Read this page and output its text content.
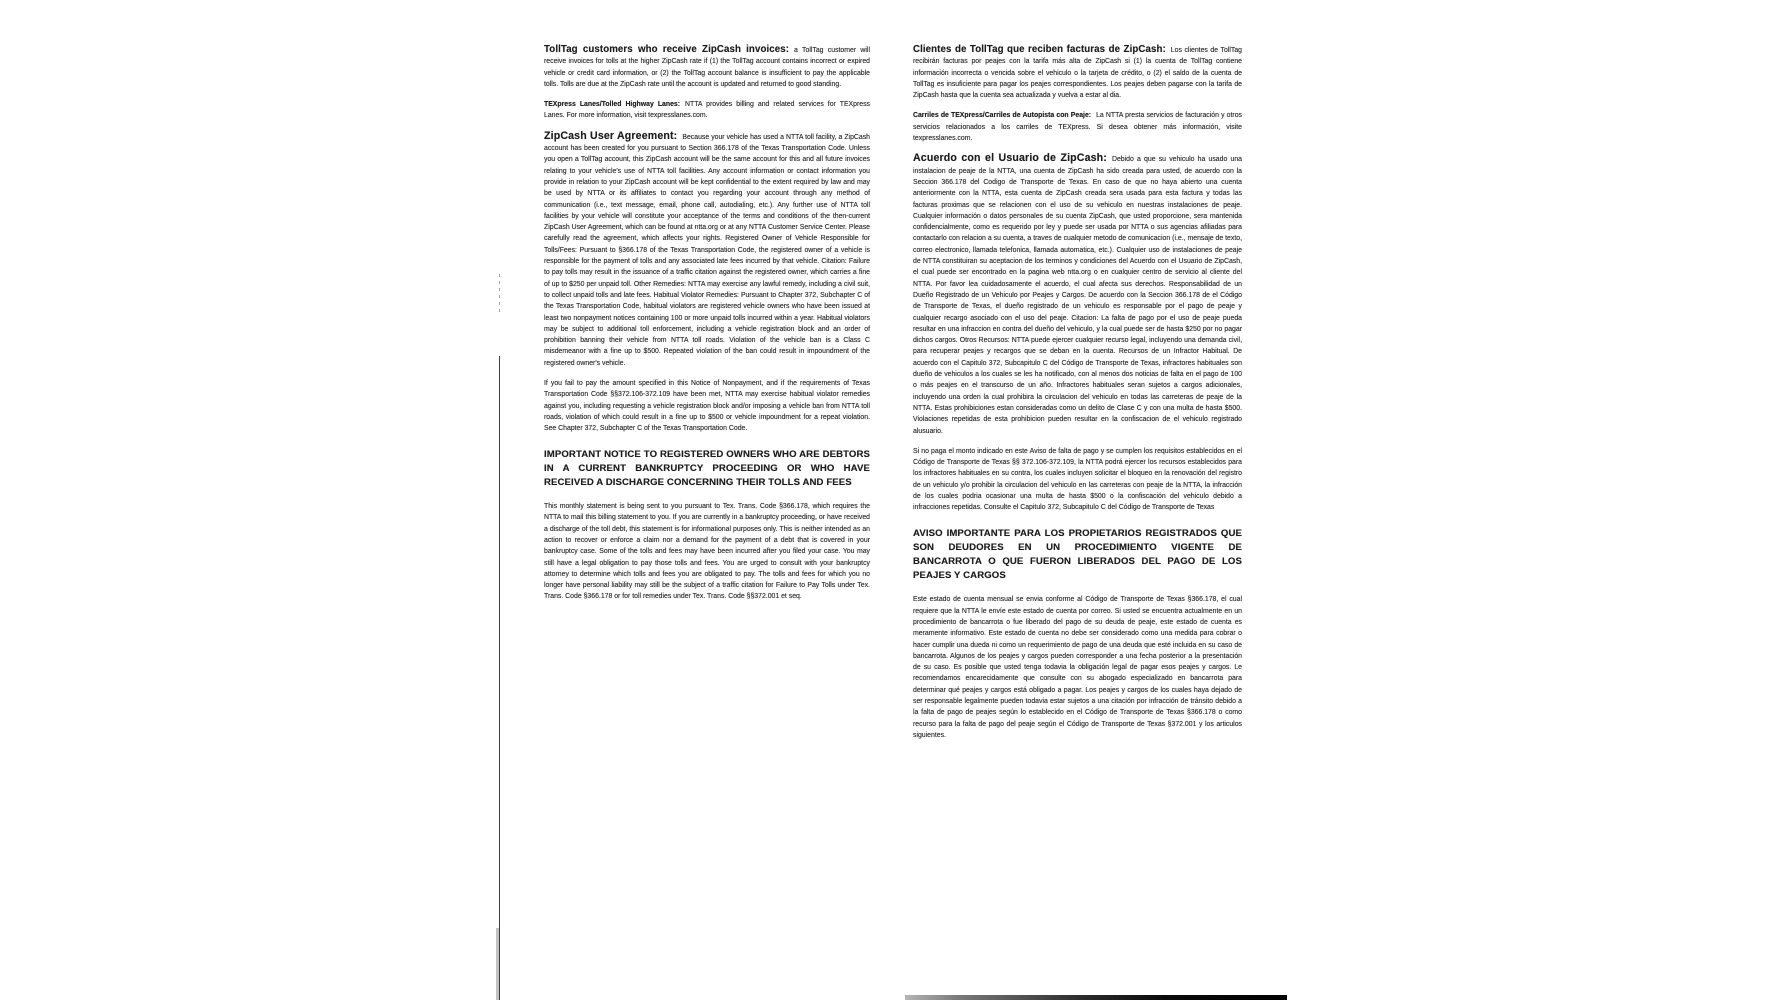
TollTag customers who receive ZipCash invoices: a TollTag customer will receive invoices for tolls at the higher ZipCash rate if (1) the TollTag account contains incorrect or expired vehicle or credit card information, or (2) the TollTag account balance is insufficient to pay the applicable tolls. Tolls are due at the ZipCash rate until the account is updated and returned to good standing.

TEXpress Lanes/Tolled Highway Lanes: NTTA provides billing and related services for TEXpress Lanes. For more information, visit texpresslanes.com.

ZipCash User Agreement: Because your vehicle has used a NTTA toll facility, a ZipCash account has been created for you pursuant to Section 366.178 of the Texas Transportation Code. Unless you open a TollTag account, this ZipCash account will be the same account for this and all future invoices relating to your vehicle's use of NTTA toll facilities. Any account information or contact information you provide in relation to your ZipCash account will be kept confidential to the extent required by law and may be used by NTTA or its affiliates to contact you regarding your account through any method of communication (i.e., text message, email, phone call, autodialing, etc.). Any further use of NTTA toll facilities by your vehicle will constitute your acceptance of the terms and conditions of the then-current ZipCash User Agreement, which can be found at ntta.org or at any NTTA Customer Service Center. Please carefully read the agreement, which affects your rights. Registered Owner of Vehicle Responsible for Tolls/Fees: Pursuant to §366.178 of the Texas Transportation Code, the registered owner of a vehicle is responsible for the payment of tolls and any associated late fees incurred by that vehicle. Citation: Failure to pay tolls may result in the issuance of a traffic citation against the registered owner, which carries a fine of up to $250 per unpaid toll. Other Remedies: NTTA may exercise any lawful remedy, including a civil suit, to collect unpaid tolls and late fees. Habitual Violator Remedies: Pursuant to Chapter 372, Subchapter C of the Texas Transportation Code, habitual violators are registered vehicle owners who have been issued at least two nonpayment notices containing 100 or more unpaid tolls incurred within a year. Habitual violators may be subject to additional toll enforcement, including a vehicle registration block and an order of prohibition banning their vehicle from NTTA toll roads. Violation of the vehicle ban is a Class C misdemeanor with a fine up to $500. Repeated violation of the ban could result in impoundment of the registered owner's vehicle.

If you fail to pay the amount specified in this Notice of Nonpayment, and if the requirements of Texas Transportation Code §§372.106-372.109 have been met, NTTA may exercise habitual violator remedies against you, including requesting a vehicle registration block and/or imposing a vehicle ban from NTTA toll roads, violation of which could result in a fine up to $500 or vehicle impoundment for a repeat violation. See Chapter 372, Subchapter C of the Texas Transportation Code.

IMPORTANT NOTICE TO REGISTERED OWNERS WHO ARE DEBTORS IN A CURRENT BANKRUPTCY PROCEEDING OR WHO HAVE RECEIVED A DISCHARGE CONCERNING THEIR TOLLS AND FEES

This monthly statement is being sent to you pursuant to Tex. Trans. Code §366.178, which requires the NTTA to mail this billing statement to you. If you are currently in a bankruptcy proceeding, or have received a discharge of the toll debt, this statement is for informational purposes only. This is neither intended as an action to recover or enforce a claim nor a demand for the payment of a debt that is covered in your bankruptcy case. Some of the tolls and fees may have been incurred after you filed your case. You may still have a legal obligation to pay those tolls and fees. You are urged to consult with your bankruptcy attorney to determine which tolls and fees you are obligated to pay. The tolls and fees for which you no longer have personal liability may still be the subject of a traffic citation for Failure to Pay Tolls under Tex. Trans. Code §366.178 or for toll remedies under Tex. Trans. Code §§372.001 et seq.

Clientes de TollTag que reciben facturas de ZipCash: Los clientes de TollTag recibirán facturas por peajes con la tarifa más alta de ZipCash si (1) la cuenta de TollTag contiene información incorrecta o vencida sobre el vehiculo o la tarjeta de crédito, o (2) el saldo de la cuenta de TollTag es insuficiente para pagar los peajes correspondientes. Los peajes deben pagarse con la tarifa de ZipCash hasta que la cuenta sea actualizada y vuelva a estar al dia.

Carriles de TEXpress/Carriles de Autopista con Peaje: La NTTA presta servicios de facturación y otros servicios relacionados a los carriles de TEXpress. Si desea obtener más información, visite texpresslanes.com.

Acuerdo con el Usuario de ZipCash: Debido a que su vehiculo ha usado una instalacion de peaje de la NTTA, una cuenta de ZipCash ha sido creada para usted, de acuerdo con la Seccion 366.178 del Codigo de Transporte de Texas. En caso de que no haya abierto una cuenta anteriormente con la NTTA, esta cuenta de ZipCash creada sera usada para esta factura y todas las facturas proximas que se relacionen con el uso de su vehiculo en nuestras instalaciones de peaje. Cualquier información o datos personales de su cuenta ZipCash, que usted proporcione, sera mantenida confidencialmente, como es requerido por ley y puede ser usada por NTTA o sus agencias afiliadas para contactarlo con relacion a su cuenta, a traves de cualquier metodo de comunicacion (i.e., mensaje de texto, correo electronico, llamada telefonica, llamada automatica, etc.). Cualquier uso de instalaciones de peaje de NTTA constituiran su aceptacion de los terminos y condiciones del Acuerdo con el Usuario de ZipCash, el cual puede ser encontrado en la pagina web ntta.org o en cualquier centro de servicio al cliente del NTTA. Por favor lea cuidadosamente el acuerdo, el cual afecta sus derechos. Responsabilidad de un Dueño Registrado de un Vehiculo por Peajes y Cargos. De acuerdo con la Seccion 366.178 de el Código de Transporte de Texas, el dueño registrado de un vehiculo es responsable por el pago de peaje y cualquier recargo asociado con el uso del peaje. Citacion: La falta de pago por el uso de peaje pueda resultar en una infraccion en contra del dueño del vehiculo, y la cual puede ser de hasta $250 por no pagar dichos cargos. Otros Recursos: NTTA puede ejercer cualquier recurso legal, incluyendo una demanda civil, para recuperar peajes y recargos que se deban en la cuenta. Recursos de un Infractor Habitual. De acuerdo con el Capitulo 372, Subcapitulo C del Código de Transporte de Texas, infractores habituales son dueño de vehiculos a los cuales se les ha notificado, con al menos dos noticias de falta en el pago de 100 o más peajes en el transcurso de un año. Infractores habituales seran sujetos a cargos adicionales, incluyendo una orden la cual prohibira la circulacion del vehiculo en todas las carreteras de peaje de la NTTA. Estas prohibiciones estan consideradas como un delito de Clase C y con una multa de hasta $500. Violaciones repetidas de esta prohibicion pueden resultar en la confiscacion de el vehiculo registrado alusuario.

Si no paga el monto indicado en este Aviso de falta de pago y se cumplen los requisitos establecidos en el Código de Transporte de Texas §§ 372.106-372.109, la NTTA podrá ejercer los recursos establecidos para los infractores habituales en su contra, los cuales incluyen solicitar el bloqueo en la renovación del registro de un vehiculo y/o prohibir la circulacion del vehiculo en las carreteras con peaje de la NTTA, la infracción de los cuales podria ocasionar una multa de hasta $500 o la confiscación del vehiculo debido a infracciones repetidas. Consulte el Capitulo 372, Subcapitulo C del Código de Transporte de Texas

AVISO IMPORTANTE PARA LOS PROPIETARIOS REGISTRADOS QUE SON DEUDORES EN UN PROCEDIMIENTO VIGENTE DE BANCARROTA O QUE FUERON LIBERADOS DEL PAGO DE LOS PEAJES Y CARGOS

Este estado de cuenta mensual se envia conforme al Código de Transporte de Texas §366.178, el cual requiere que la NTTA le envíe este estado de cuenta por correo. Si usted se encuentra actualmente en un procedimiento de bancarrota o fue liberado del pago de su deuda de peaje, este estado de cuenta es meramente informativo. Este estado de cuenta no debe ser considerado como una medida para cobrar o hacer cumplir una dueda ni como un requerimiento de pago de una deuda que esté incluida en su caso de bancarrota. Algunos de los peajes y cargos pueden corresponder a una fecha posterior a la presentación de su caso. Es posible que usted tenga todavia la obligación legal de pagar esos peajes y cargos. Le recomendamos encarecidamente que consulte con su abogado especializado en bancarrota para determinar qué peajes y cargos está obligado a pagar. Los peajes y cargos de los cuales haya dejado de ser responsable legalmente pueden todavia estar sujetos a una citación por infracción de tránsito debido a la falta de pago de peajes según lo establecido en el Código de Transporte de Texas §366.178 o como recurso para la falta de pago del peaje según el Código de Transporte de Texas §372.001 y los articulos siguientes.
